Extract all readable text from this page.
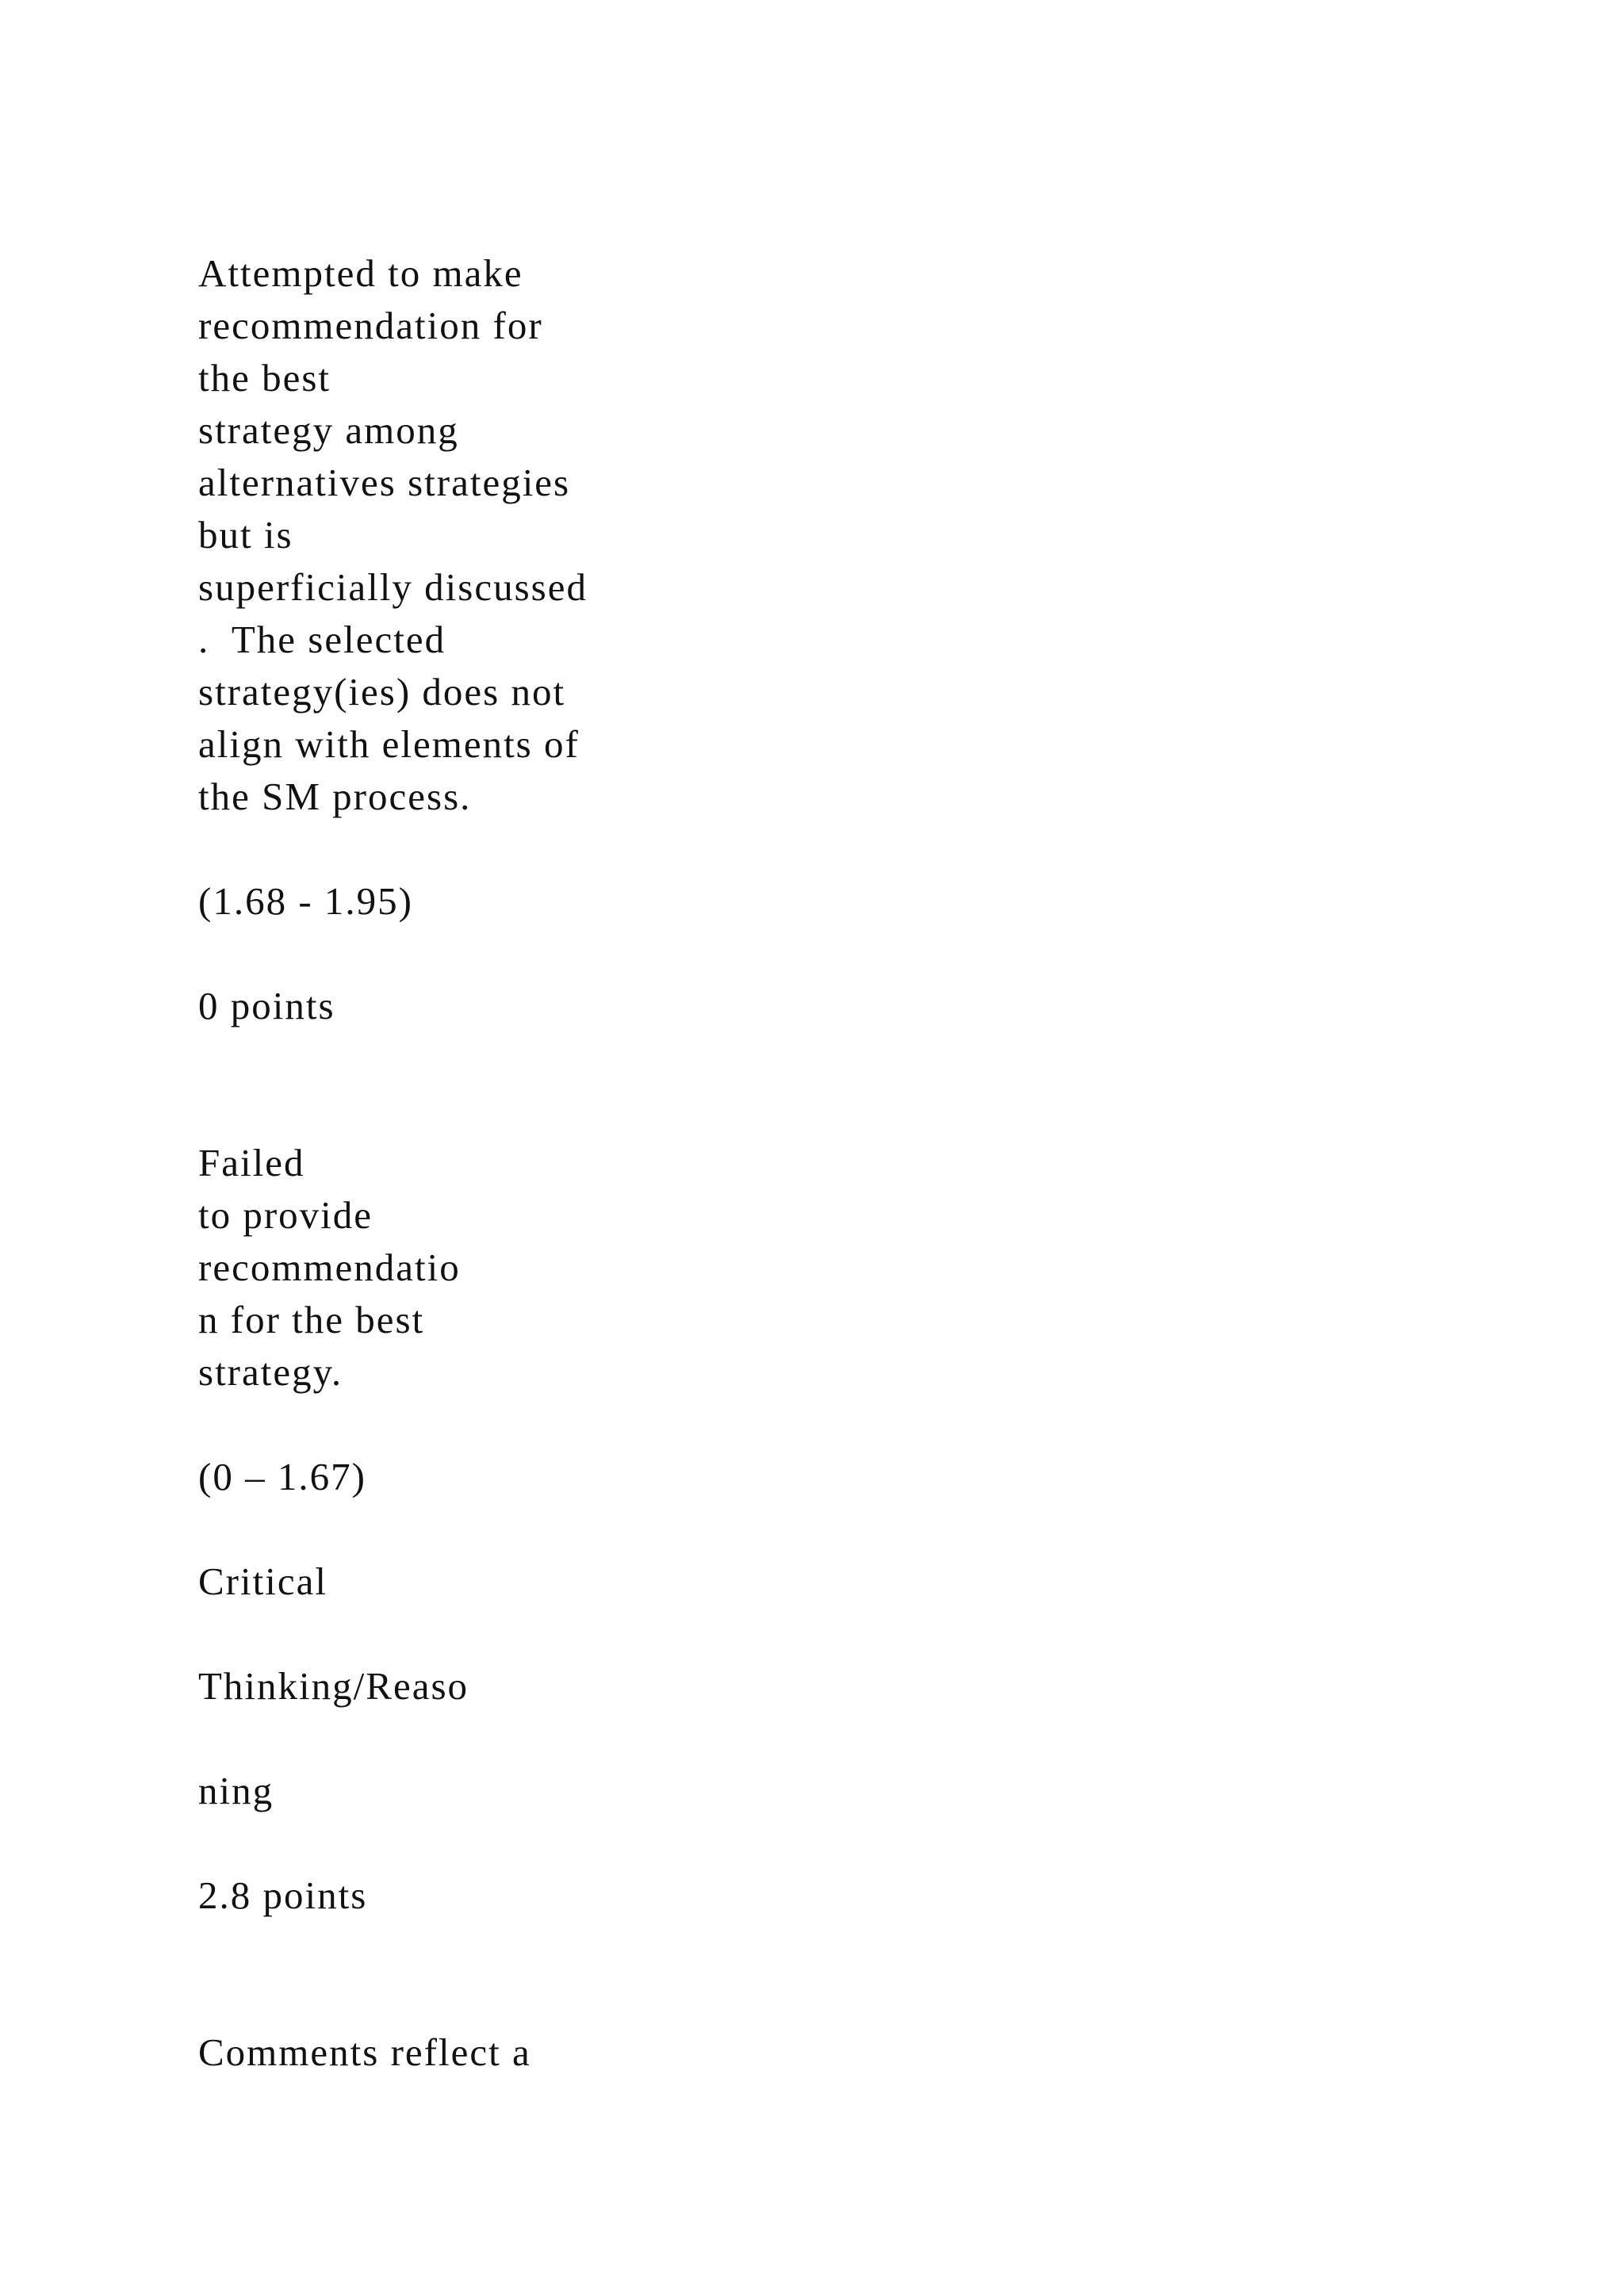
Attempted to make
recommendation for
the best
strategy among
alternatives strategies
but is
superficially discussed
.  The selected
strategy(ies) does not
align with elements of
the SM process.
(1.68 - 1.95)
0 points
Failed
to provide
recommendatio
n for the best
strategy.
(0 – 1.67)
Critical
Thinking/Reaso
ning
2.8 points
Comments reflect a
